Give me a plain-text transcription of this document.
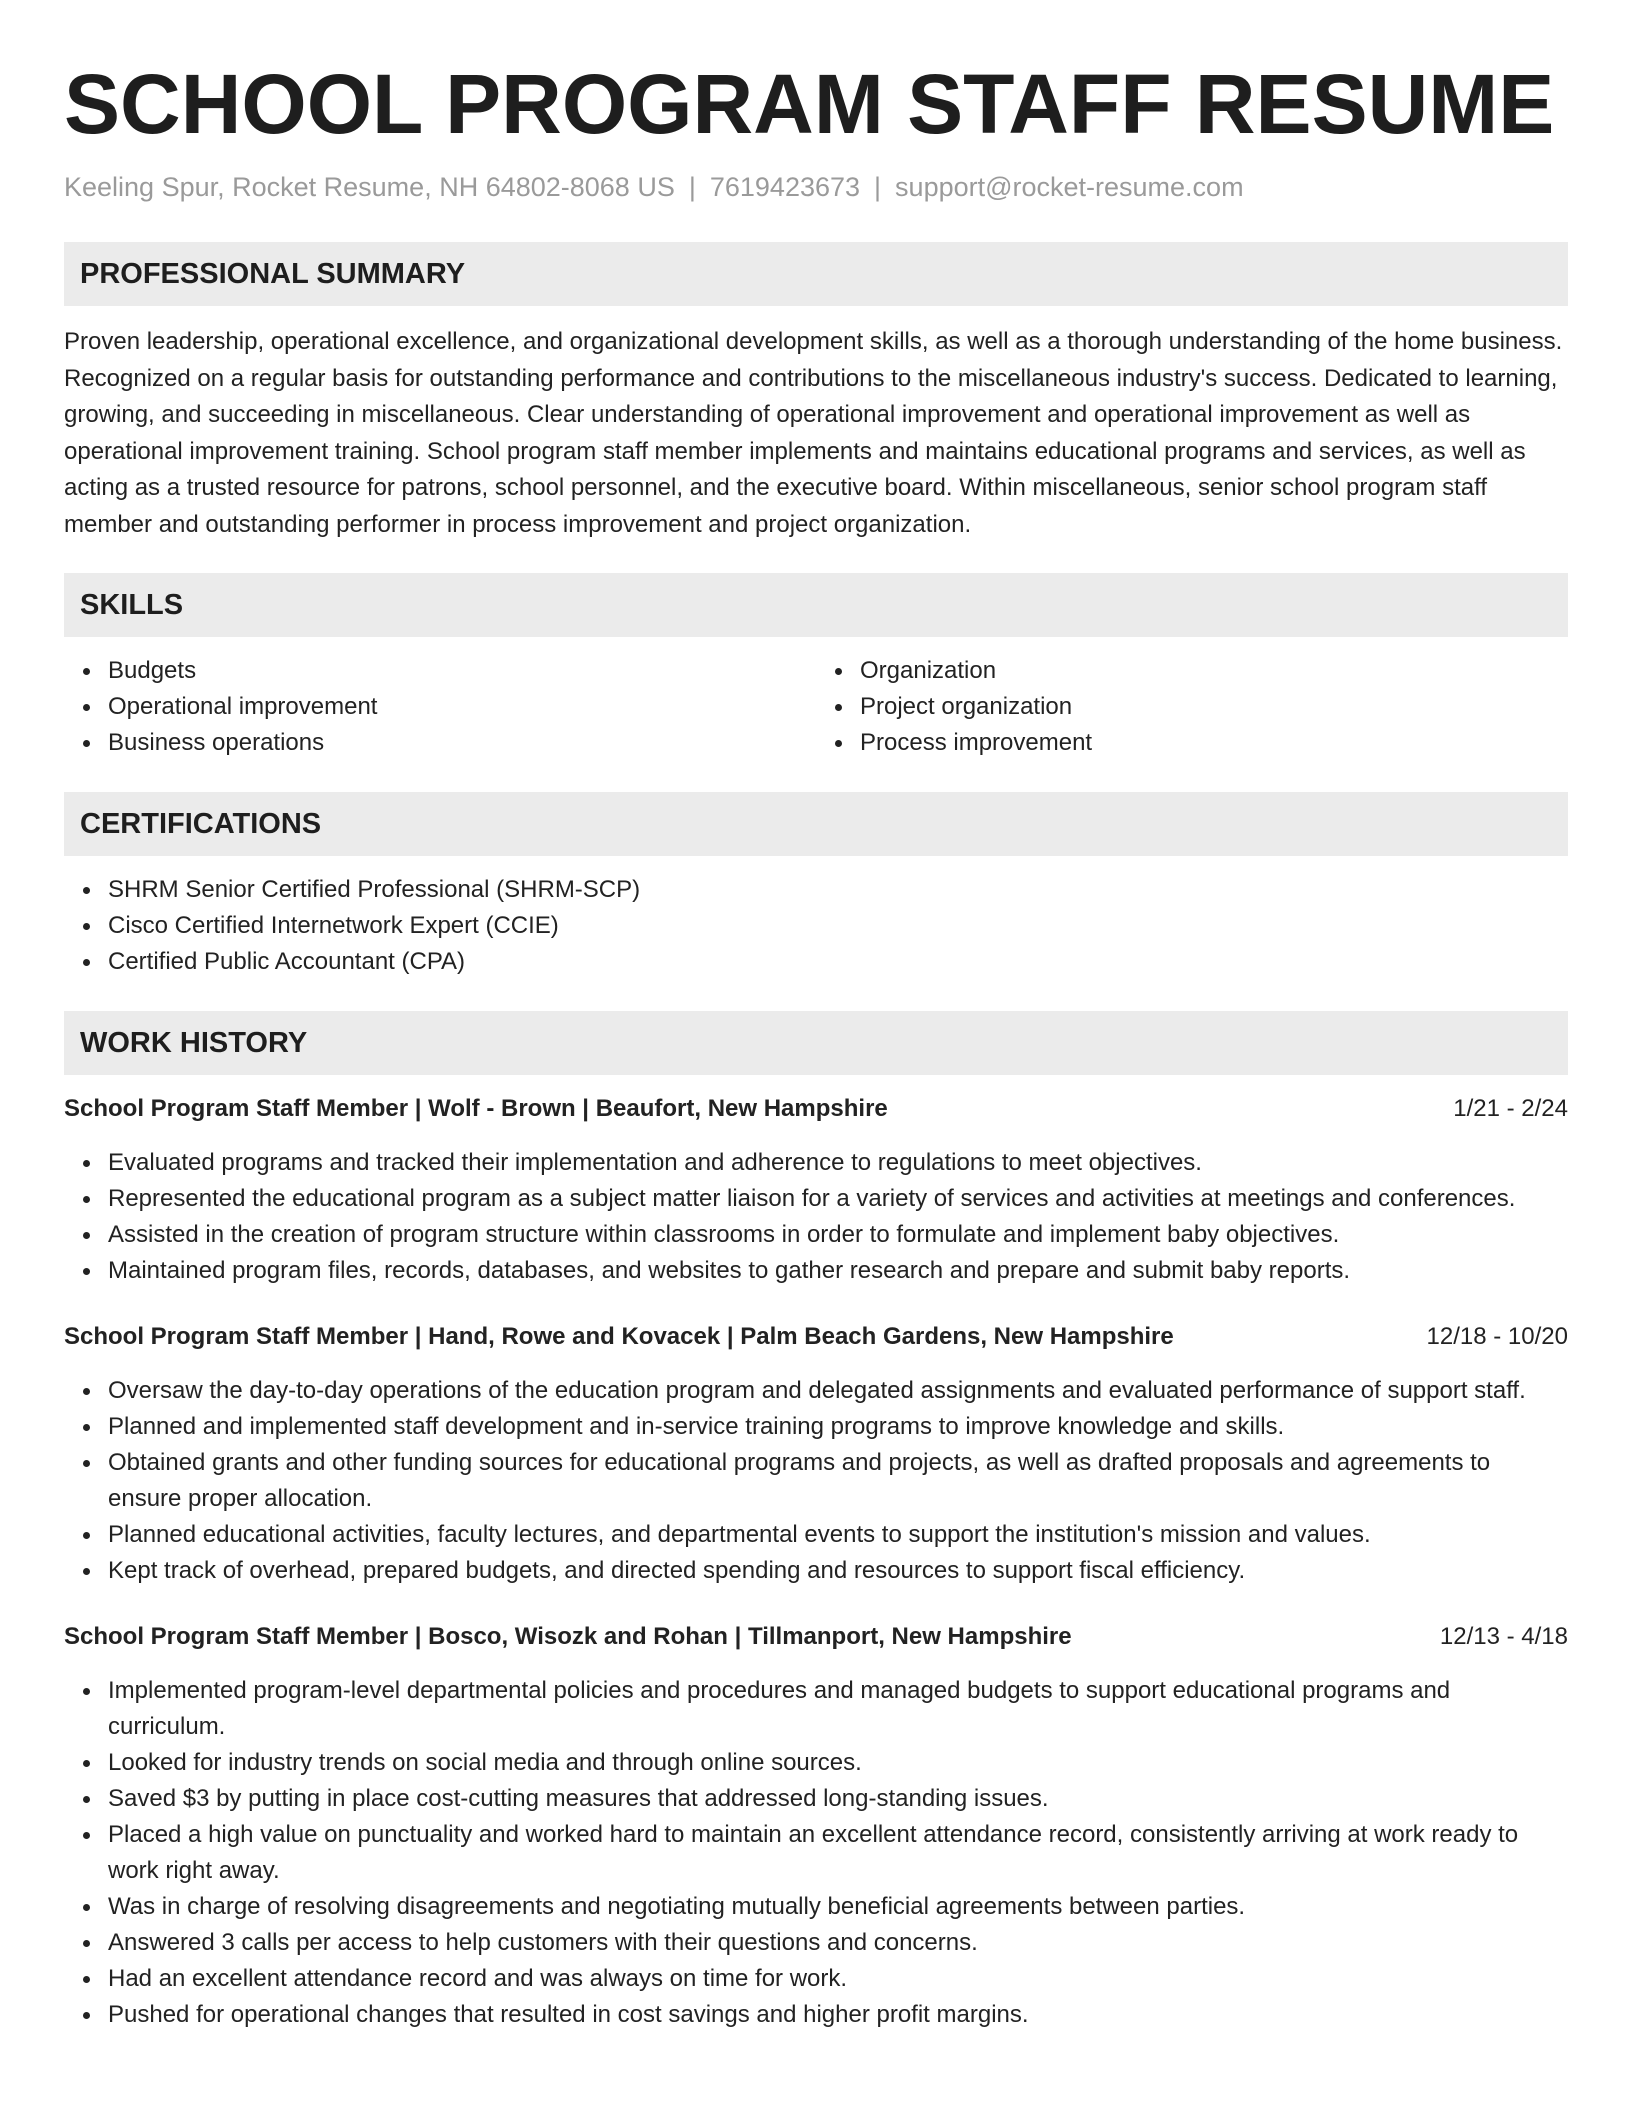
SCHOOL PROGRAM STAFF RESUME
Keeling Spur, Rocket Resume, NH 64802-8068 US | 7619423673 | support@rocket-resume.com
PROFESSIONAL SUMMARY

Proven leadership, operational excellence, and organizational development skills, as well as a thorough understanding of the home business. Recognized on a regular basis for outstanding performance and contributions to the miscellaneous industry's success. Dedicated to learning, growing, and succeeding in miscellaneous. Clear understanding of operational improvement and operational improvement as well as operational improvement training. School program staff member implements and maintains educational programs and services, as well as acting as a trusted resource for patrons, school personnel, and the executive board. Within miscellaneous, senior school program staff member and outstanding performer in process improvement and project organization.

SKILLS
Budgets
Operational improvement
Business operations
Organization
Project organization
Process improvement
CERTIFICATIONS
SHRM Senior Certified Professional (SHRM-SCP)
Cisco Certified Internetwork Expert (CCIE)
Certified Public Accountant (CPA)
WORK HISTORY
School Program Staff Member | Wolf - Brown | Beaufort, New Hampshire	1/21 - 2/24
Evaluated programs and tracked their implementation and adherence to regulations to meet objectives.
Represented the educational program as a subject matter liaison for a variety of services and activities at meetings and conferences.
Assisted in the creation of program structure within classrooms in order to formulate and implement baby objectives.
Maintained program files, records, databases, and websites to gather research and prepare and submit baby reports.
School Program Staff Member | Hand, Rowe and Kovacek | Palm Beach Gardens, New Hampshire	12/18 - 10/20
Oversaw the day-to-day operations of the education program and delegated assignments and evaluated performance of support staff.
Planned and implemented staff development and in-service training programs to improve knowledge and skills.
Obtained grants and other funding sources for educational programs and projects, as well as drafted proposals and agreements to ensure proper allocation.
Planned educational activities, faculty lectures, and departmental events to support the institution's mission and values.
Kept track of overhead, prepared budgets, and directed spending and resources to support fiscal efficiency.
School Program Staff Member | Bosco, Wisozk and Rohan | Tillmanport, New Hampshire	12/13 - 4/18
Implemented program-level departmental policies and procedures and managed budgets to support educational programs and curriculum.
Looked for industry trends on social media and through online sources.
Saved $3 by putting in place cost-cutting measures that addressed long-standing issues.
Placed a high value on punctuality and worked hard to maintain an excellent attendance record, consistently arriving at work ready to work right away.
Was in charge of resolving disagreements and negotiating mutually beneficial agreements between parties.
Answered 3 calls per access to help customers with their questions and concerns.
Had an excellent attendance record and was always on time for work.
Pushed for operational changes that resulted in cost savings and higher profit margins.
